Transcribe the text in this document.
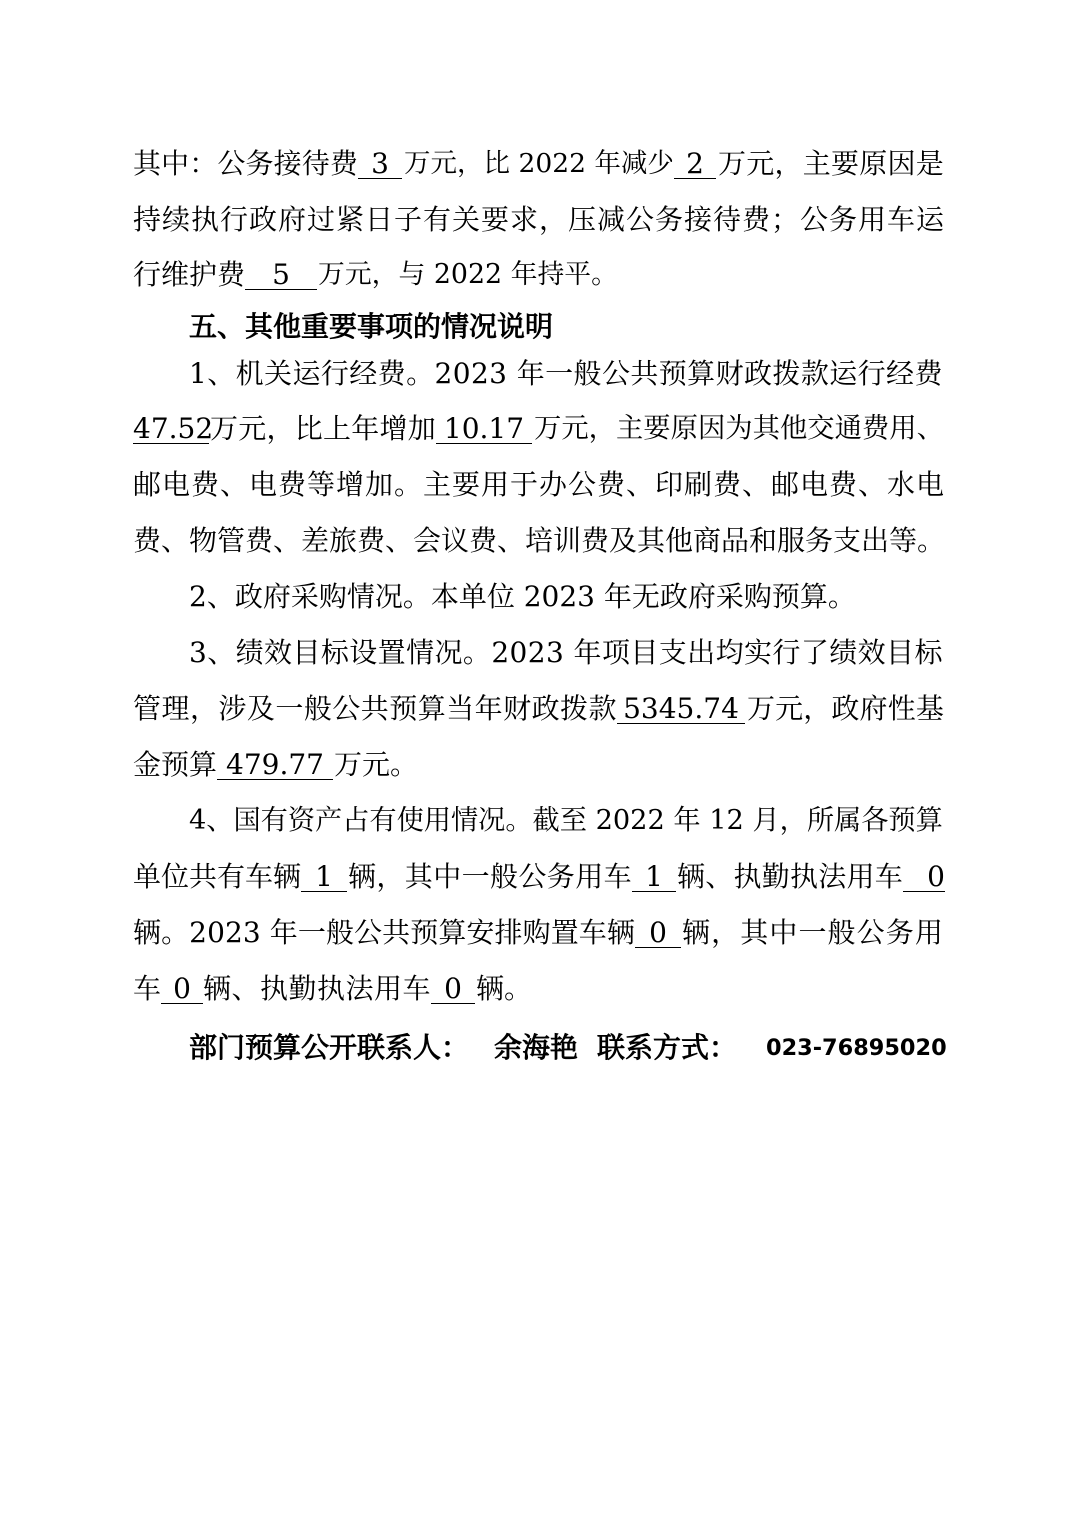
其中：公务接待费 3 万元，比 2022 年减少 2 万元，主要原因是
持续执行政府过紧日子有关要求，压减公务接待费；公务用车运
行维护费 5	万元，与 2022 年持平。
五、其他重要事项的情况说明
1、机关运行经费。2023 年一般公共预算财政拨款运行经费
47.52
万元，比上年增加 10.17 万元，主要原因为其他交通费用、
邮电费、电费等增加。主要用于办公费、印刷费、邮电费、水电
费、物管费、差旅费、会议费、培训费及其他商品和服务支出等。
2、政府采购情况。本单位 2023 年无政府采购预算。
3、绩效目标设置情况。2023 年项目支出均实行了绩效目标
管理，涉及一般公共预算当年财政拨款 5345.74 万元，政府性基
金预算 479.77 万元。
4、国有资产占有使用情况。截至 2022 年 12 月，所属各预算
单位共有车辆 1 辆，其中一般公务用车 1 辆、执勤执法用车 0
辆。2023 年一般公共预算安排购置车辆 0 辆，其中一般公务用
车 0 辆、执勤执法用车 0 辆。
部门预算公开联系人： 余海艳 联系方式： 023-76895020
